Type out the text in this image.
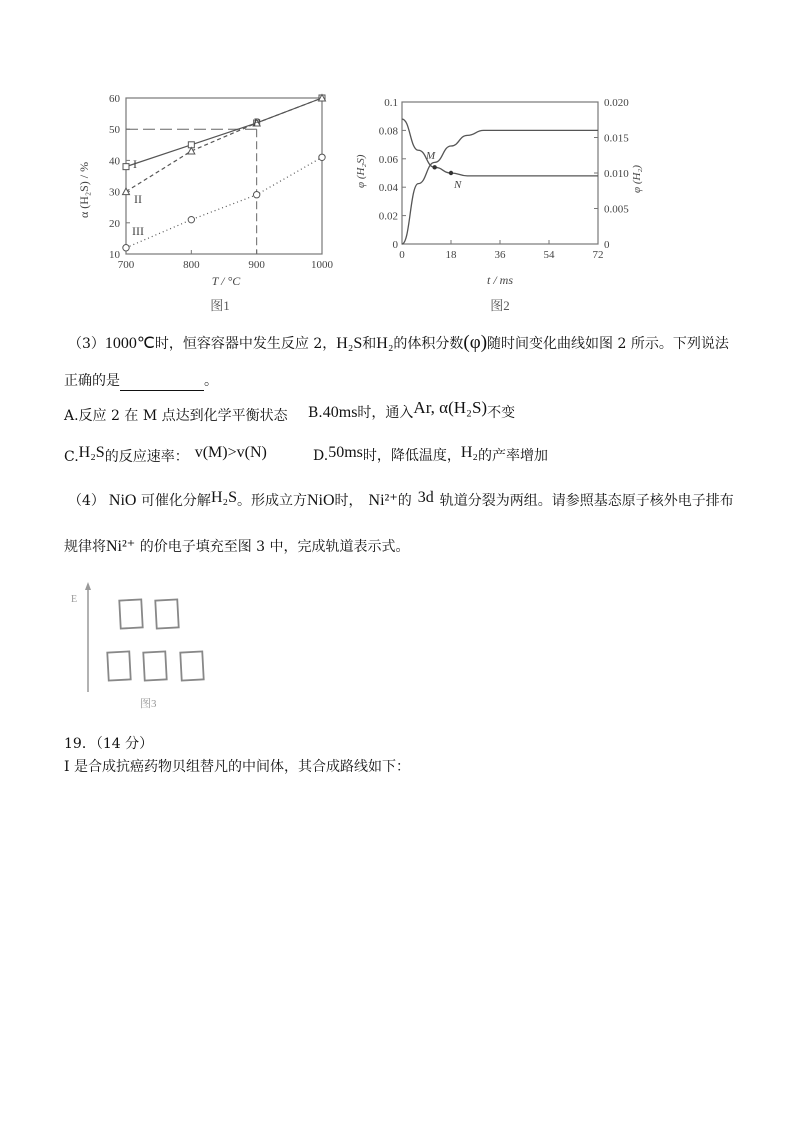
700	800	900	1000
10
20
30
40
50
60
α (H₂S) / %
T / °C
图1
I
II
III
P
0	18	36	54	72
0
0.02
0.04
0.06
0.08
0.1
0
0.005
0.010
0.015
0.020
φ (H₂S)	φ (H₂)
t / ms
图2
M
N
（3）1000℃时，恒容容器中发生反应 2，H₂S和H₂的体积分数(φ)随时间变化曲线如图 2 所示。下列说法
正确的是	。
A.反应 2 在 M 点达到化学平衡状态 B.40ms时，通入Ar, α(H₂S)不变
C.H₂S的反应速率： v(M)>v(N)	D.50ms时，降低温度，H₂的产率增加
（4） NiO 可催化分解H₂S。形成立方NiO时， Ni²⁺的 3d 轨道分裂为两组。请参照基态原子核外电子排布
规律将Ni²⁺ 的价电子填充至图 3 中，完成轨道表示式。
E
图3
19．（14 分）
I 是合成抗癌药物贝组替凡的中间体，其合成路线如下：
